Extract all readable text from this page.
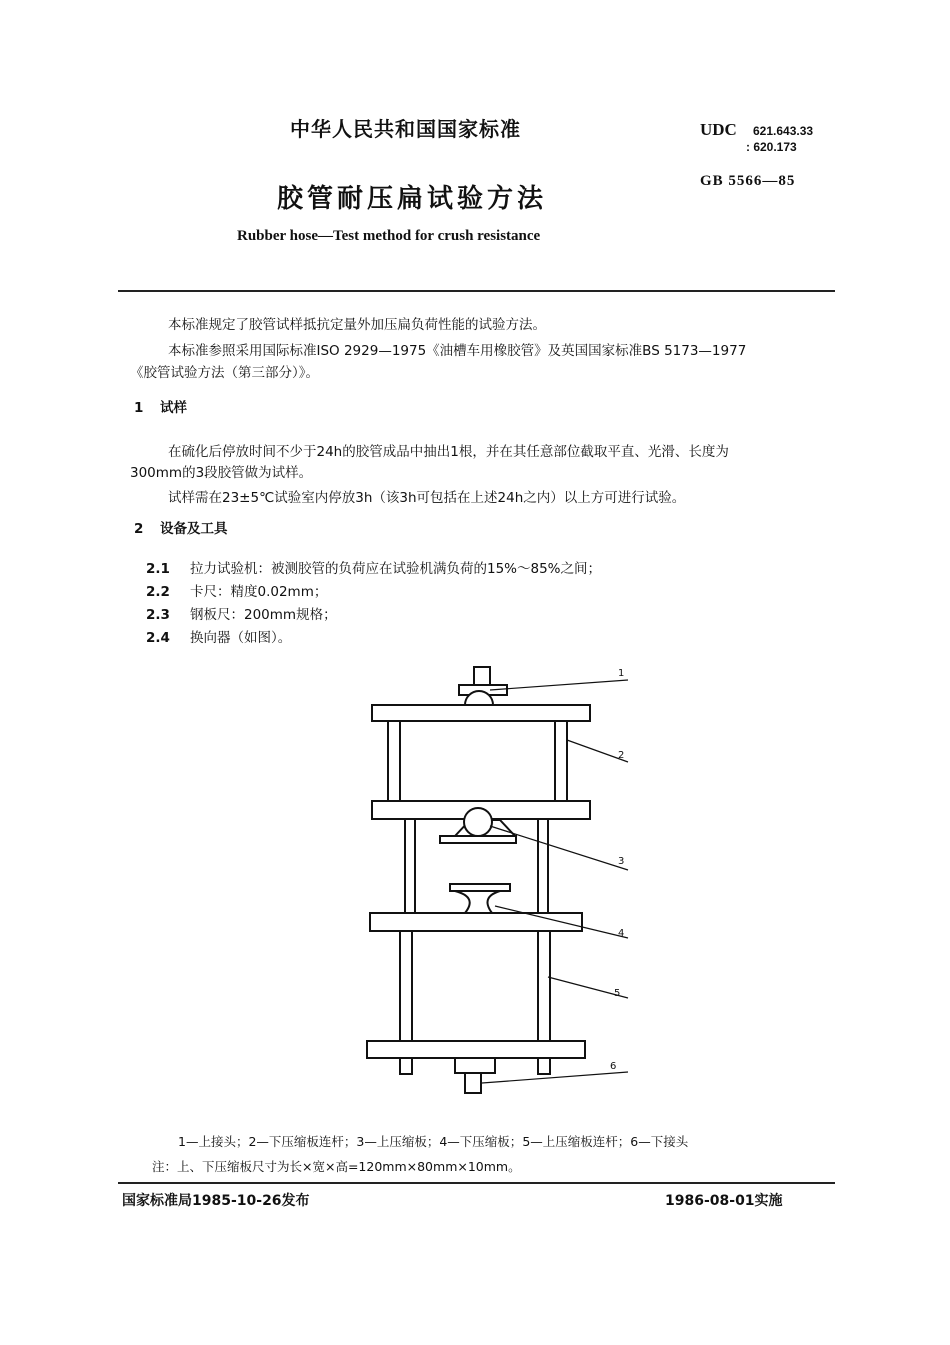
中华人民共和国国家标准	UDC 621.643.33
: 620.173
胶管耐压扁试验方法
GB 5566—85
Rubber hose—Test method for crush resistance
本标准规定了胶管试样抵抗定量外加压扁负荷性能的试验方法。
本标准参照采用国际标准ISO 2929—1975《油槽车用橡胶管》及英国国家标准BS 5173—1977
《胶管试验方法（第三部分）》。
1 试样
在硫化后停放时间不少于24h的胶管成品中抽出1根，并在其任意部位截取平直、光滑、长度为
300mm的3段胶管做为试样。
试样需在23±5℃试验室内停放3h（该3h可包括在上述24h之内）以上方可进行试验。
2 设备及工具
2.1 拉力试验机：被测胶管的负荷应在试验机满负荷的15%～85%之间；
2.2 卡尺：精度0.02mm；
2.3 钢板尺：200mm规格；
2.4 换向器（如图）。
1
2
3
4
5
6
1—上接头；2—下压缩板连杆；3—上压缩板；4—下压缩板；5—上压缩板连杆；6—下接头
注：上、下压缩板尺寸为长×宽×高=120mm×80mm×10mm。
国家标准局1985-10-26发布	1986-08-01实施
